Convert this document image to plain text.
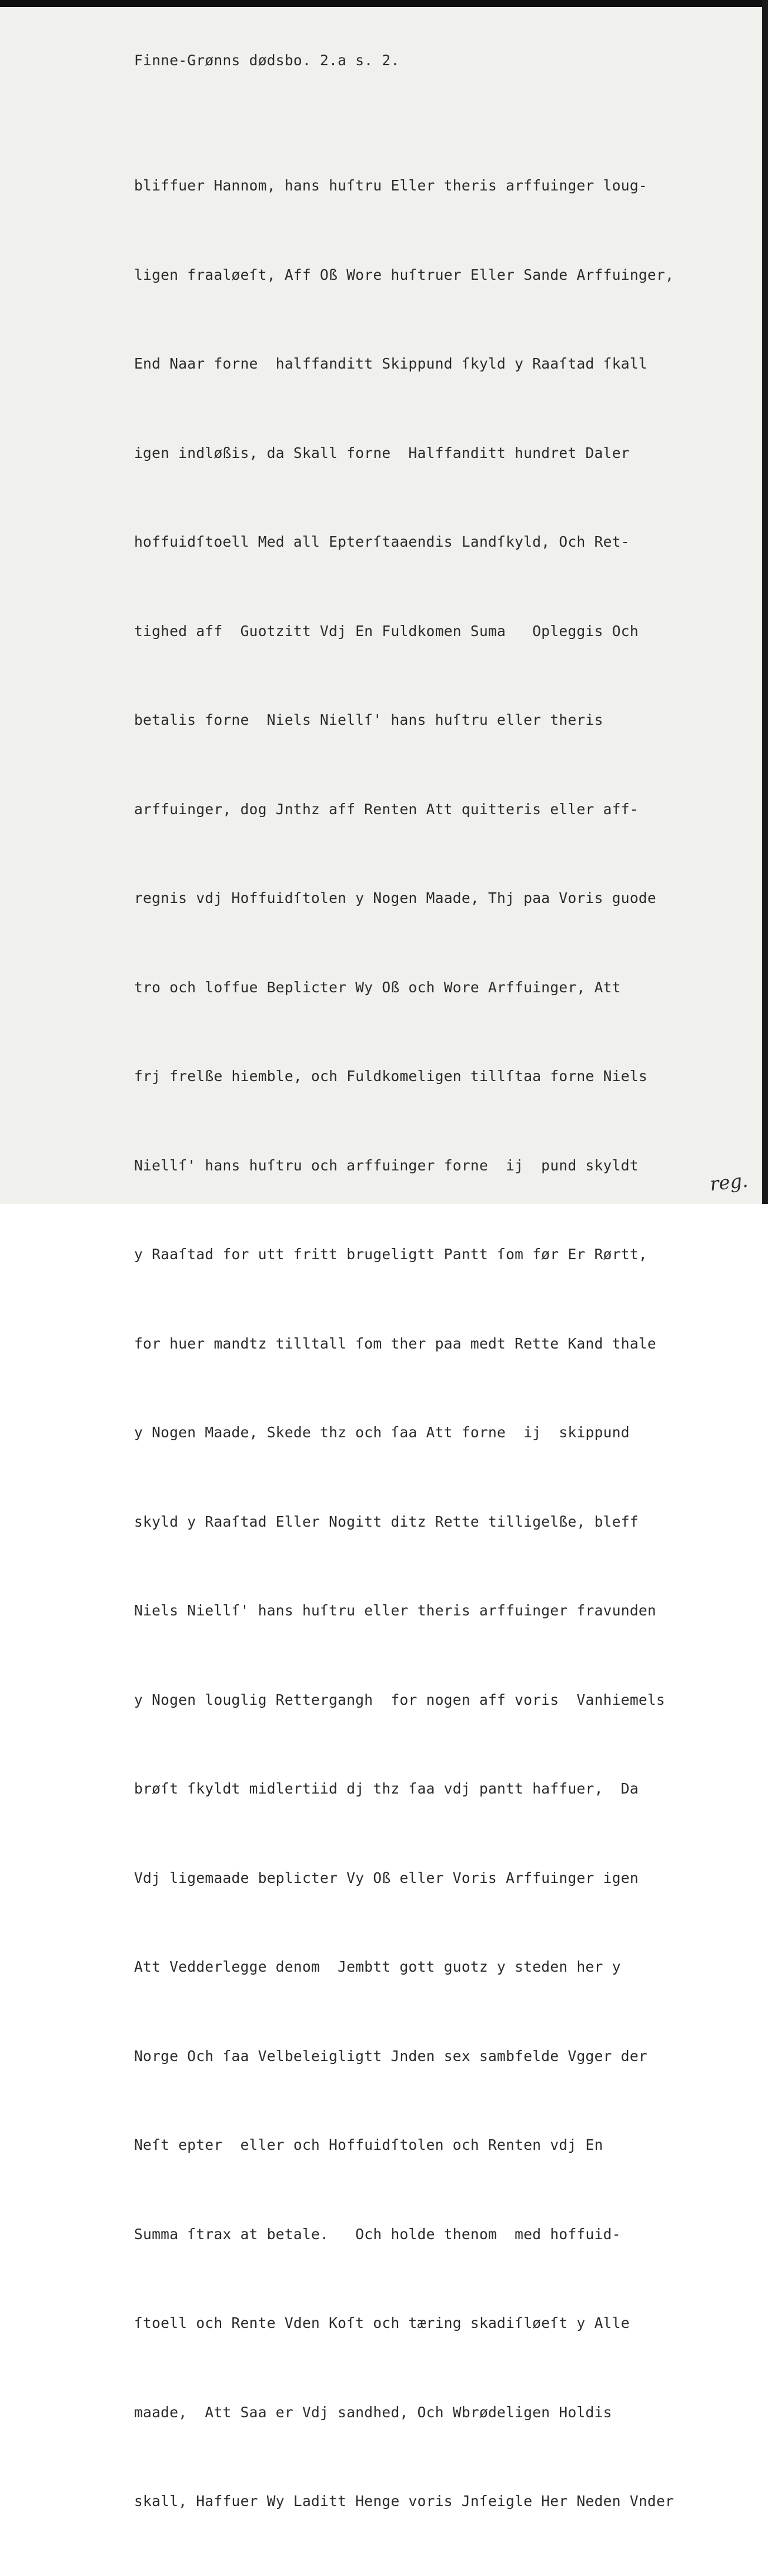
Finne-Grønns dødsbo. 2.a s. 2.

bliffuer Hannom, hans huſtru Eller theris arffuinger loug-

ligen fraaløeſt, Aff Oß Wore huſtruer Eller Sande Arffuinger,

End Naar forne  halffanditt Skippund ſkyld y Raaſtad ſkall

igen indløßis, da Skall forne  Halffanditt hundret Daler

hoffuidſtoell Med all Epterſtaaendis Landſkyld, Och Ret-

tighed aff  Guotzitt Vdj En Fuldkomen Suma   Opleggis Och

betalis forne  Niels Niellſ' hans huſtru eller theris

arffuinger, dog Jnthz aff Renten Att quitteris eller aff-

regnis vdj Hoffuidſtolen y Nogen Maade, Thj paa Voris guode

tro och loffue Beplicter Wy Oß och Wore Arffuinger, Att

frj frelße hiemble, och Fuldkomeligen tillſtaa forne Niels

Niellſ' hans huſtru och arffuinger forne  ij  pund skyldt

y Raaſtad for utt fritt brugeligtt Pantt ſom før Er Rørtt,

for huer mandtz tilltall ſom ther paa medt Rette Kand thale

y Nogen Maade, Skede thz och ſaa Att forne  ij  skippund

skyld y Raaſtad Eller Nogitt ditz Rette tilligelße, bleff

Niels Niellſ' hans huſtru eller theris arffuinger fravunden

y Nogen louglig Rettergangh  for nogen aff voris  Vanhiemels

brøſt ſkyldt midlertiid dj thz ſaa vdj pantt haffuer,  Da

Vdj ligemaade beplicter Vy Oß eller Voris Arffuinger igen

Att Vedderlegge denom  Jembtt gott guotz y steden her y

Norge Och ſaa Velbeleigligtt Jnden sex sambfelde Vgger der

Neſt epter  eller och Hoffuidſtolen och Renten vdj En

Summa ſtrax at betale.   Och holde thenom  med hoffuid-

ſtoell och Rente Vden Koſt och tæring skadiſløeſt y Alle

maade,  Att Saa er Vdj sandhed, Och Wbrødeligen Holdis

skall, Haffuer Wy Laditt Henge voris Jnſeigle Her Neden Vnder

reg.
